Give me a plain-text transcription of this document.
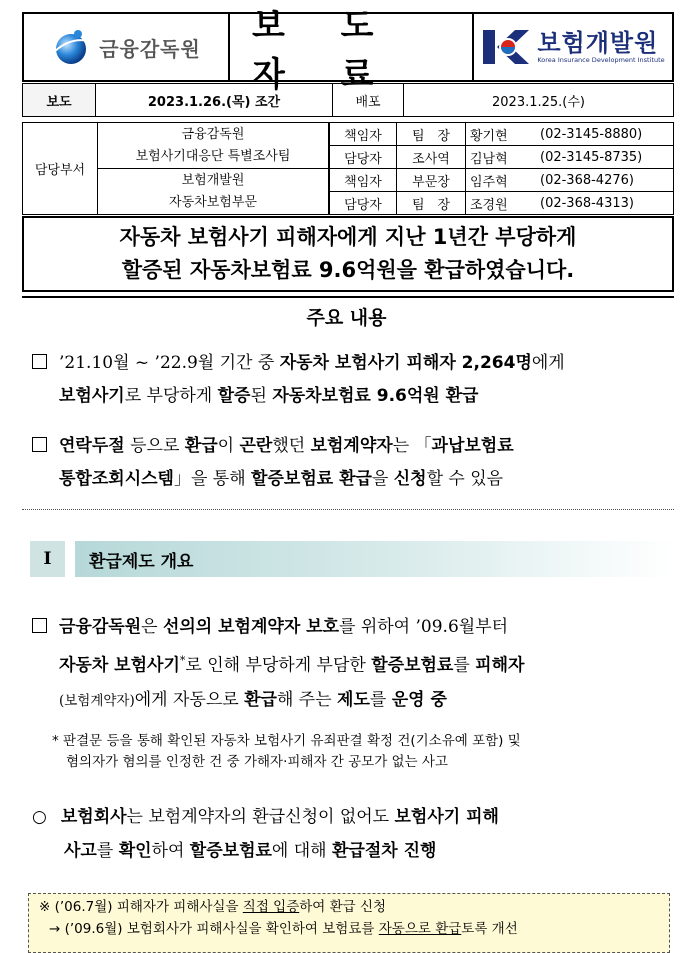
금융감독원
보 도 자 료
보험개발원
Korea Insurance Development Institute
보도	2023.1.26.(목) 조간	배포	2023.1.25.(수)
담당부서	금융감독원
보험사기대응단 특별조사팀	책임자	팀　장	황기현	(02-3145-8880)
		담당자	조사역	김남혁	(02-3145-8735)

	보험개발원
자동차보험부문	책임자	부문장	임주혁	(02-368-4276)
		담당자	팀　장	조경원	(02-368-4313)
자동차 보험사기 피해자에게 지난 1년간 부당하게
할증된 자동차보험료 9.6억원을 환급하였습니다.
주요 내용
’21.10월 ~ ’22.9월 기간 중 자동차 보험사기 피해자 2,264명에게
보험사기로 부당하게 할증된 자동차보험료 9.6억원 환급
연락두절 등으로 환급이 곤란했던 보험계약자는 「과납보험료
통합조회시스템」을 통해 할증보험료 환급을 신청할 수 있음
I	환급제도 개요
금융감독원은 선의의 보험계약자 보호를 위하여 ’09.6월부터
자동차 보험사기*로 인해 부당하게 부담한 할증보험료를 피해자
(보험계약자)에게 자동으로 환급해 주는 제도를 운영 중
* 판결문 등을 통해 확인된 자동차 보험사기 유죄판결 확정 건(기소유예 포함) 및
혐의자가 혐의를 인정한 건 중 가해자·피해자 간 공모가 없는 사고
○ 보험회사는 보험계약자의 환급신청이 없어도 보험사기 피해
사고를 확인하여 할증보험료에 대해 환급절차 진행
※ (’06.7월) 피해자가 피해사실을 직접 입증하여 환급 신청
→ (’09.6월) 보험회사가 피해사실을 확인하여 보험료를 자동으로 환급토록 개선
